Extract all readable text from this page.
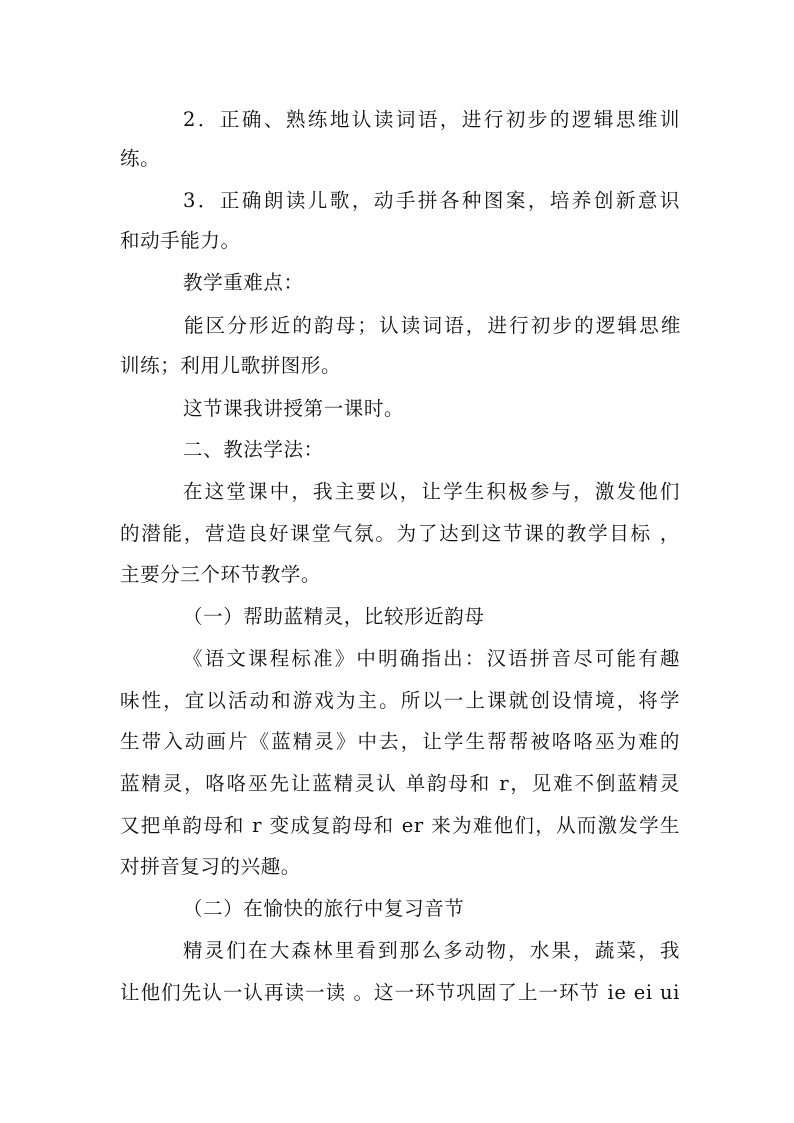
2．正确、熟练地认读词语，进行初步的逻辑思维训
练。
3．正确朗读儿歌，动手拼各种图案，培养创新意识
和动手能力。
教学重难点：
能区分形近的韵母；认读词语，进行初步的逻辑思维
训练；利用儿歌拼图形。
这节课我讲授第一课时。
二、教法学法：
在这堂课中，我主要以，让学生积极参与，激发他们
的潜能，营造良好课堂气氛。为了达到这节课的教学目标 ，
主要分三个环节教学。
（一）帮助蓝精灵，比较形近韵母
《语文课程标准》中明确指出：汉语拼音尽可能有趣
味性，宜以活动和游戏为主。所以一上课就创设情境，将学
生带入动画片《蓝精灵》中去，让学生帮帮被咯咯巫为难的
蓝精灵，咯咯巫先让蓝精灵认 单韵母和 r，见难不倒蓝精灵
又把单韵母和 r 变成复韵母和 er 来为难他们，从而激发学生
对拼音复习的兴趣。
（二）在愉快的旅行中复习音节
精灵们在大森林里看到那么多动物，水果，蔬菜，我
让他们先认一认再读一读 。这一环节巩固了上一环节 ie ei ui
